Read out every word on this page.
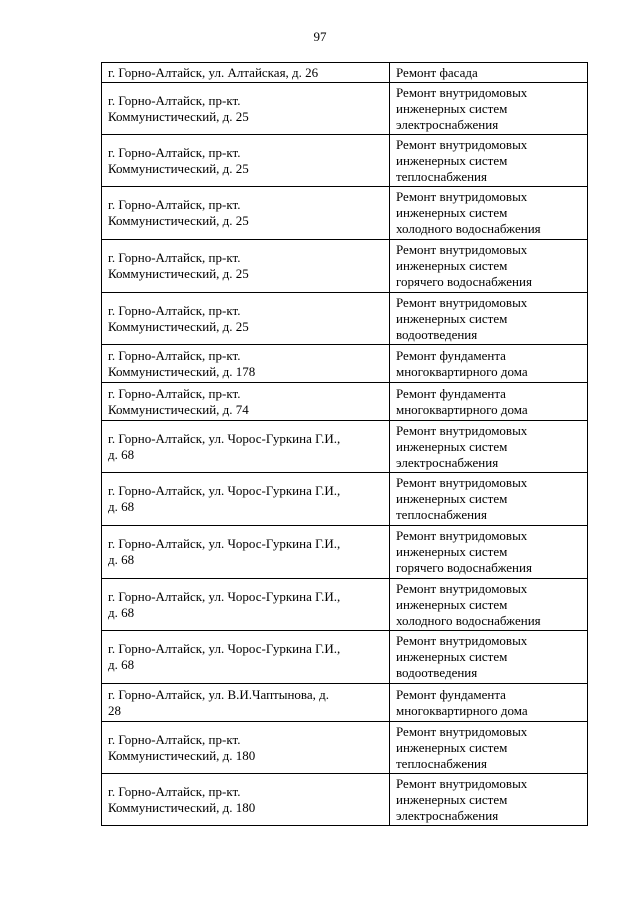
97
г. Горно-Алтайск, ул. Алтайская, д. 26	Ремонт фасада
г. Горно-Алтайск, пр-кт.
Коммунистический, д. 25	Ремонт внутридомовых
инженерных систем
электроснабжения
г. Горно-Алтайск, пр-кт.
Коммунистический, д. 25	Ремонт внутридомовых
инженерных систем
теплоснабжения
г. Горно-Алтайск, пр-кт.
Коммунистический, д. 25	Ремонт внутридомовых
инженерных систем
холодного водоснабжения
г. Горно-Алтайск, пр-кт.
Коммунистический, д. 25	Ремонт внутридомовых
инженерных систем
горячего водоснабжения
г. Горно-Алтайск, пр-кт.
Коммунистический, д. 25	Ремонт внутридомовых
инженерных систем
водоотведения
г. Горно-Алтайск, пр-кт.
Коммунистический, д. 178	Ремонт фундамента
многоквартирного дома
г. Горно-Алтайск, пр-кт.
Коммунистический, д. 74	Ремонт фундамента
многоквартирного дома
г. Горно-Алтайск, ул. Чорос-Гуркина Г.И.,
д. 68	Ремонт внутридомовых
инженерных систем
электроснабжения
г. Горно-Алтайск, ул. Чорос-Гуркина Г.И.,
д. 68	Ремонт внутридомовых
инженерных систем
теплоснабжения
г. Горно-Алтайск, ул. Чорос-Гуркина Г.И.,
д. 68	Ремонт внутридомовых
инженерных систем
горячего водоснабжения
г. Горно-Алтайск, ул. Чорос-Гуркина Г.И.,
д. 68	Ремонт внутридомовых
инженерных систем
холодного водоснабжения
г. Горно-Алтайск, ул. Чорос-Гуркина Г.И.,
д. 68	Ремонт внутридомовых
инженерных систем
водоотведения
г. Горно-Алтайск, ул. В.И.Чаптынова, д.
28	Ремонт фундамента
многоквартирного дома
г. Горно-Алтайск, пр-кт.
Коммунистический, д. 180	Ремонт внутридомовых
инженерных систем
теплоснабжения
г. Горно-Алтайск, пр-кт.
Коммунистический, д. 180	Ремонт внутридомовых
инженерных систем
электроснабжения
